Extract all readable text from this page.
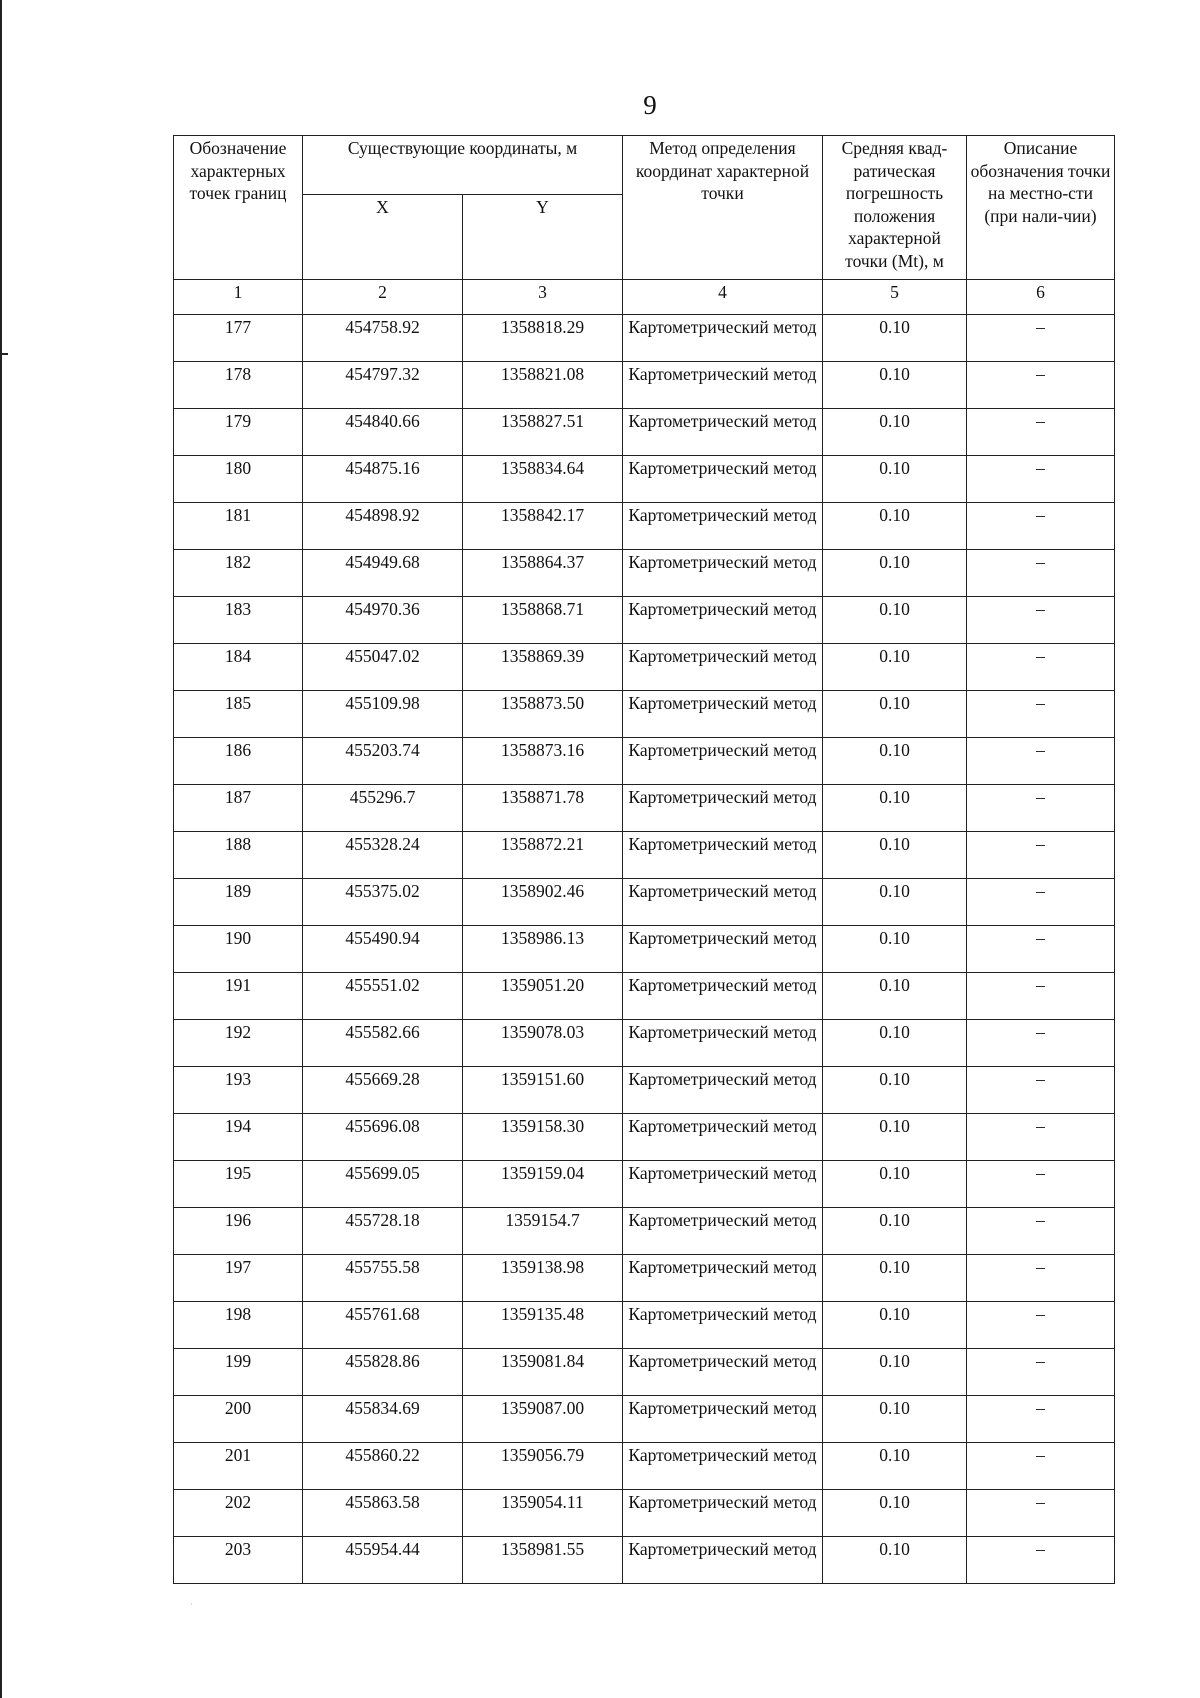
9
Обозначение характерных точек границ	Существующие координаты, м		Метод определения координат характерной точки	Средняя квад-ратическая погрешность положения характерной точки (Mt), м	Описание обозначения точки на местно-сти (при нали-чии)
	X	Y			
1	2	3	4	5	6
177	454758.92	1358818.29	Картометрический метод	0.10	–
178	454797.32	1358821.08	Картометрический метод	0.10	–
179	454840.66	1358827.51	Картометрический метод	0.10	–
180	454875.16	1358834.64	Картометрический метод	0.10	–
181	454898.92	1358842.17	Картометрический метод	0.10	–
182	454949.68	1358864.37	Картометрический метод	0.10	–
183	454970.36	1358868.71	Картометрический метод	0.10	–
184	455047.02	1358869.39	Картометрический метод	0.10	–
185	455109.98	1358873.50	Картометрический метод	0.10	–
186	455203.74	1358873.16	Картометрический метод	0.10	–
187	455296.7	1358871.78	Картометрический метод	0.10	–
188	455328.24	1358872.21	Картометрический метод	0.10	–
189	455375.02	1358902.46	Картометрический метод	0.10	–
190	455490.94	1358986.13	Картометрический метод	0.10	–
191	455551.02	1359051.20	Картометрический метод	0.10	–
192	455582.66	1359078.03	Картометрический метод	0.10	–
193	455669.28	1359151.60	Картометрический метод	0.10	–
194	455696.08	1359158.30	Картометрический метод	0.10	–
195	455699.05	1359159.04	Картометрический метод	0.10	–
196	455728.18	1359154.7	Картометрический метод	0.10	–
197	455755.58	1359138.98	Картометрический метод	0.10	–
198	455761.68	1359135.48	Картометрический метод	0.10	–
199	455828.86	1359081.84	Картометрический метод	0.10	–
200	455834.69	1359087.00	Картометрический метод	0.10	–
201	455860.22	1359056.79	Картометрический метод	0.10	–
202	455863.58	1359054.11	Картометрический метод	0.10	–
203	455954.44	1358981.55	Картометрический метод	0.10	–
·
